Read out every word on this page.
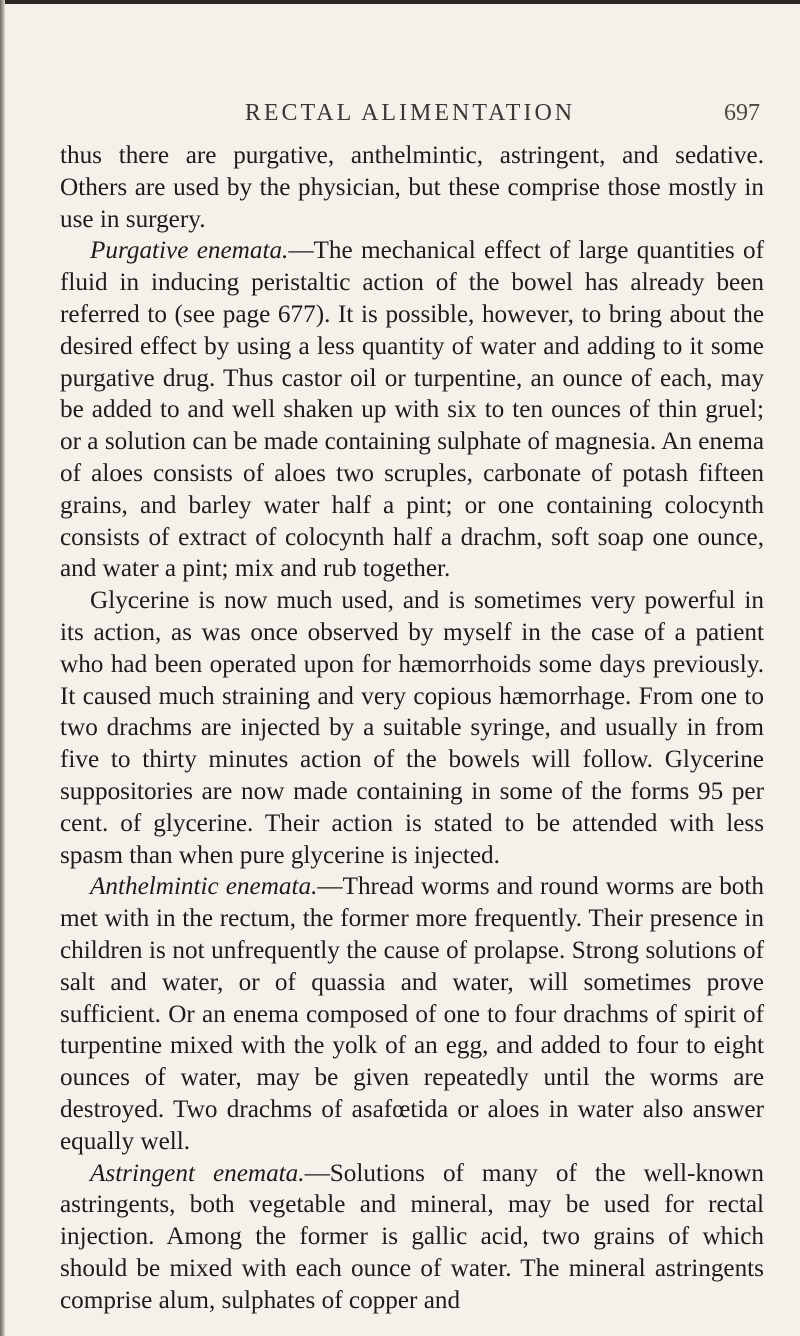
RECTAL ALIMENTATION	697

thus there are purgative, anthelmintic, astringent, and sedative. Others are used by the physician, but these comprise those mostly in use in surgery.

Purgative enemata.—The mechanical effect of large quantities of fluid in inducing peristaltic action of the bowel has already been referred to (see page 677). It is possible, however, to bring about the desired effect by using a less quantity of water and adding to it some purgative drug. Thus castor oil or turpentine, an ounce of each, may be added to and well shaken up with six to ten ounces of thin gruel; or a solution can be made containing sulphate of magnesia. An enema of aloes consists of aloes two scruples, carbonate of potash fifteen grains, and barley water half a pint; or one containing colocynth consists of extract of colocynth half a drachm, soft soap one ounce, and water a pint; mix and rub together.

Glycerine is now much used, and is sometimes very powerful in its action, as was once observed by myself in the case of a patient who had been operated upon for hæmorrhoids some days previously. It caused much straining and very copious hæmorrhage. From one to two drachms are injected by a suitable syringe, and usually in from five to thirty minutes action of the bowels will follow. Glycerine suppositories are now made containing in some of the forms 95 per cent. of glycerine. Their action is stated to be attended with less spasm than when pure glycerine is injected.

Anthelmintic enemata.—Thread worms and round worms are both met with in the rectum, the former more frequently. Their presence in children is not unfrequently the cause of prolapse. Strong solutions of salt and water, or of quassia and water, will sometimes prove sufficient. Or an enema composed of one to four drachms of spirit of turpentine mixed with the yolk of an egg, and added to four to eight ounces of water, may be given repeatedly until the worms are destroyed. Two drachms of asafœtida or aloes in water also answer equally well.

Astringent enemata.—Solutions of many of the well-known astringents, both vegetable and mineral, may be used for rectal injection. Among the former is gallic acid, two grains of which should be mixed with each ounce of water. The mineral astringents comprise alum, sulphates of copper and
